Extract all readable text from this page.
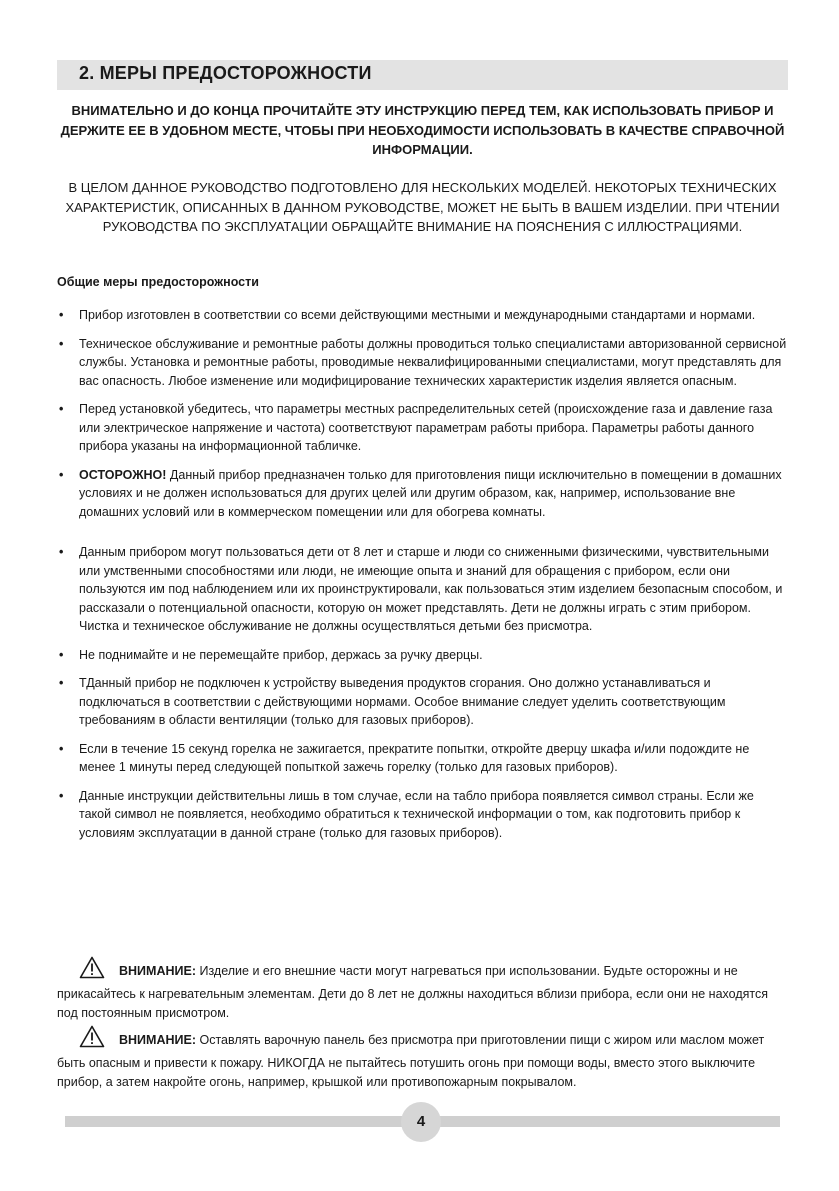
2. МЕРЫ ПРЕДОСТОРОЖНОСТИ
ВНИМАТЕЛЬНО И ДО КОНЦА ПРОЧИТАЙТЕ ЭТУ ИНСТРУКЦИЮ ПЕРЕД ТЕМ, КАК ИСПОЛЬЗОВАТЬ ПРИБОР И ДЕРЖИТЕ ЕЕ В УДОБНОМ МЕСТЕ, ЧТОБЫ ПРИ НЕОБХОДИМОСТИ ИСПОЛЬЗОВАТЬ В КАЧЕСТВЕ СПРАВОЧНОЙ ИНФОРМАЦИИ.
В ЦЕЛОМ ДАННОЕ РУКОВОДСТВО ПОДГОТОВЛЕНО ДЛЯ НЕСКОЛЬКИХ МОДЕЛЕЙ. НЕКОТОРЫХ ТЕХНИЧЕСКИХ ХАРАКТЕРИСТИК, ОПИСАННЫХ В ДАННОМ РУКОВОДСТВЕ, МОЖЕТ НЕ БЫТЬ В ВАШЕМ ИЗДЕЛИИ. ПРИ ЧТЕНИИ РУКОВОДСТВА ПО ЭКСПЛУАТАЦИИ ОБРАЩАЙТЕ ВНИМАНИЕ НА ПОЯСНЕНИЯ С ИЛЛЮСТРАЦИЯМИ.
Общие меры предосторожности
• Прибор изготовлен в соответствии со всеми действующими местными и международными стандартами и нормами.
• Техническое обслуживание и ремонтные работы должны проводиться только специалистами авторизованной сервисной службы. Установка и ремонтные работы, проводимые неквалифицированными специалистами, могут представлять для вас опасность. Любое изменение или модифицирование технических характеристик изделия является опасным.
• Перед установкой убедитесь, что параметры местных распределительных сетей (происхождение газа и давление газа или электрическое напряжение и частота) соответствуют параметрам работы прибора. Параметры работы данного прибора указаны на информационной табличке.
• ОСТОРОЖНО! Данный прибор предназначен только для приготовления пищи исключительно в помещении в домашних условиях и не должен использоваться для других целей или другим образом, как, например, использование вне домашних условий или в коммерческом помещении или для обогрева комнаты.
• Данным прибором могут пользоваться дети от 8 лет и старше и люди со сниженными физическими, чувствительными или умственными способностями или люди, не имеющие опыта и знаний для обращения с прибором, если они пользуются им под наблюдением или их проинструктировали, как пользоваться этим изделием безопасным способом, и рассказали о потенциальной опасности, которую он может представлять. Дети не должны играть с этим прибором. Чистка и техническое обслуживание не должны осуществляться детьми без присмотра.
• Не поднимайте и не перемещайте прибор, держась за ручку дверцы.
• ТДанный прибор не подключен к устройству выведения продуктов сгорания. Оно должно устанавливаться и подключаться в соответствии с действующими нормами. Особое внимание следует уделить соответствующим требованиям в области вентиляции (только для газовых приборов).
• Если в течение 15 секунд горелка не зажигается, прекратите попытки, откройте дверцу шкафа и/или подождите не менее 1 минуты перед следующей попыткой зажечь горелку (только для газовых приборов).
• Данные инструкции действительны лишь в том случае, если на табло прибора появляется символ страны. Если же такой символ не появляется, необходимо обратиться к технической информации о том, как подготовить прибор к условиям эксплуатации в данной стране (только для газовых приборов).
ВНИМАНИЕ: Изделие и его внешние части могут нагреваться при использовании. Будьте осторожны и не прикасайтесь к нагревательным элементам. Дети до 8 лет не должны находиться вблизи прибора, если они не находятся под постоянным присмотром.
ВНИМАНИЕ: Оставлять варочную панель без присмотра при приготовлении пищи с жиром или маслом может быть опасным и привести к пожару. НИКОГДА не пытайтесь потушить огонь при помощи воды, вместо этого выключите прибор, а затем накройте огонь, например, крышкой или противопожарным покрывалом.
4
